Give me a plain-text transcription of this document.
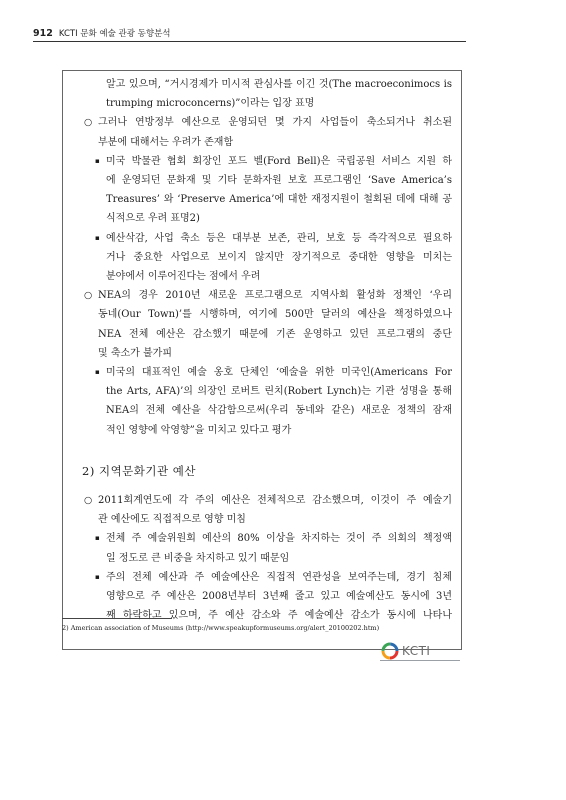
912 KCTI 문화 예술 관광 동향분석
알고 있으며, “거시경제가 미시적 관심사를 이긴 것(The macroeconimocs is
trumping microconcerns)”이라는 입장 표명
○ 그러나 연방정부 예산으로 운영되던 몇 가지 사업들이 축소되거나 취소된
부분에 대해서는 우려가 존재함
▪ 미국 박물관 협회 회장인 포드 벨(Ford Bell)은 국립공원 서비스 지원 하
에 운영되던 문화재 및 기타 문화자원 보호 프로그램인 ‘Save America’s
Treasures’ 와 ‘Preserve America’에 대한 재정지원이 철회된 데에 대해 공
식적으로 우려 표명2)
▪ 예산삭감, 사업 축소 등은 대부분 보존, 관리, 보호 등 즉각적으로 필요하
거나 중요한 사업으로 보이지 않지만 장기적으로 중대한 영향을 미치는
분야에서 이루어진다는 점에서 우려
○ NEA의 경우 2010년 새로운 프로그램으로 지역사회 활성화 정책인 ‘우리
동네(Our Town)’를 시행하며, 여기에 500만 달러의 예산을 책정하였으나
NEA 전체 예산은 감소했기 때문에 기존 운영하고 있던 프로그램의 중단
및 축소가 불가피
▪ 미국의 대표적인 예술 옹호 단체인 ‘예술을 위한 미국인(Americans For
the Arts, AFA)’의 의장인 로버트 린치(Robert Lynch)는 기관 성명을 통해
NEA의 전체 예산을 삭감함으로써(우리 동네와 같은) 새로운 정책의 잠재
적인 영향에 악영향”을 미치고 있다고 평가
2) 지역문화기관 예산
○ 2011회계연도에 각 주의 예산은 전체적으로 감소했으며, 이것이 주 예술기
관 예산에도 직접적으로 영향 미침
▪ 전체 주 예술위원회 예산의 80% 이상을 차지하는 것이 주 의회의 책정액
일 정도로 큰 비중을 차지하고 있기 때문임
▪ 주의 전체 예산과 주 예술예산은 직접적 연관성을 보여주는데, 경기 침체
영향으로 주 예산은 2008년부터 3년째 줄고 있고 예술예산도 동시에 3년
째 하락하고 있으며, 주 예산 감소와 주 예술예산 감소가 동시에 나타나
2) American association of Museums (http://www.speakupformuseums.org/alert_20100202.htm)
KCTI
